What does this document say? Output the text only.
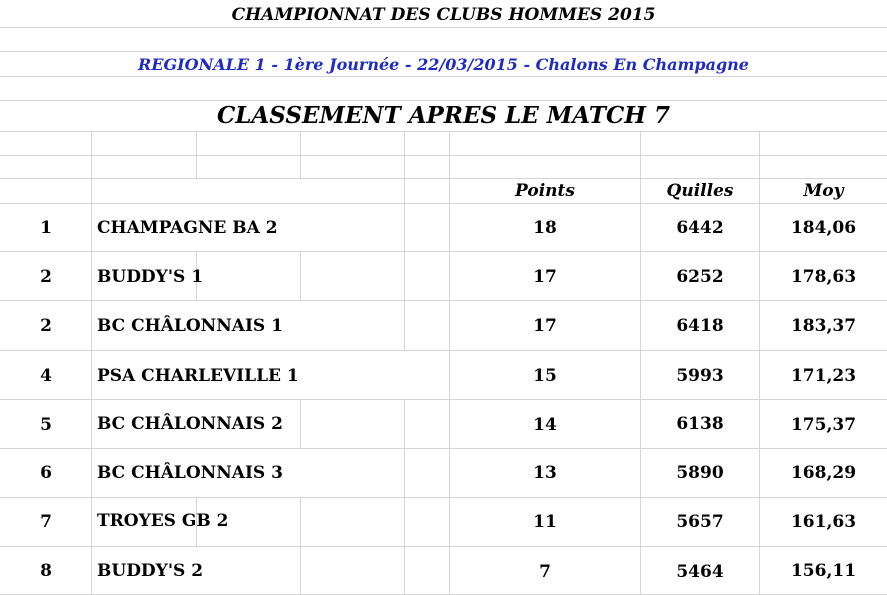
CHAMPIONNAT DES CLUBS HOMMES 2015
REGIONALE 1 - 1ère Journée - 22/03/2015 - Chalons En Champagne
CLASSEMENT APRES LE MATCH 7
Points	Quilles	Moy
1	CHAMPAGNE BA 2	18	6442	184,06
2	BUDDY'S 1	17	6252	178,63
2	BC CHÂLONNAIS 1	17	6418	183,37
4	PSA CHARLEVILLE 1	15	5993	171,23
5	BC CHÂLONNAIS 2	14	6138	175,37
6	BC CHÂLONNAIS 3	13	5890	168,29
7	TROYES GB 2	11	5657	161,63
8	BUDDY'S 2	7	5464	156,11
